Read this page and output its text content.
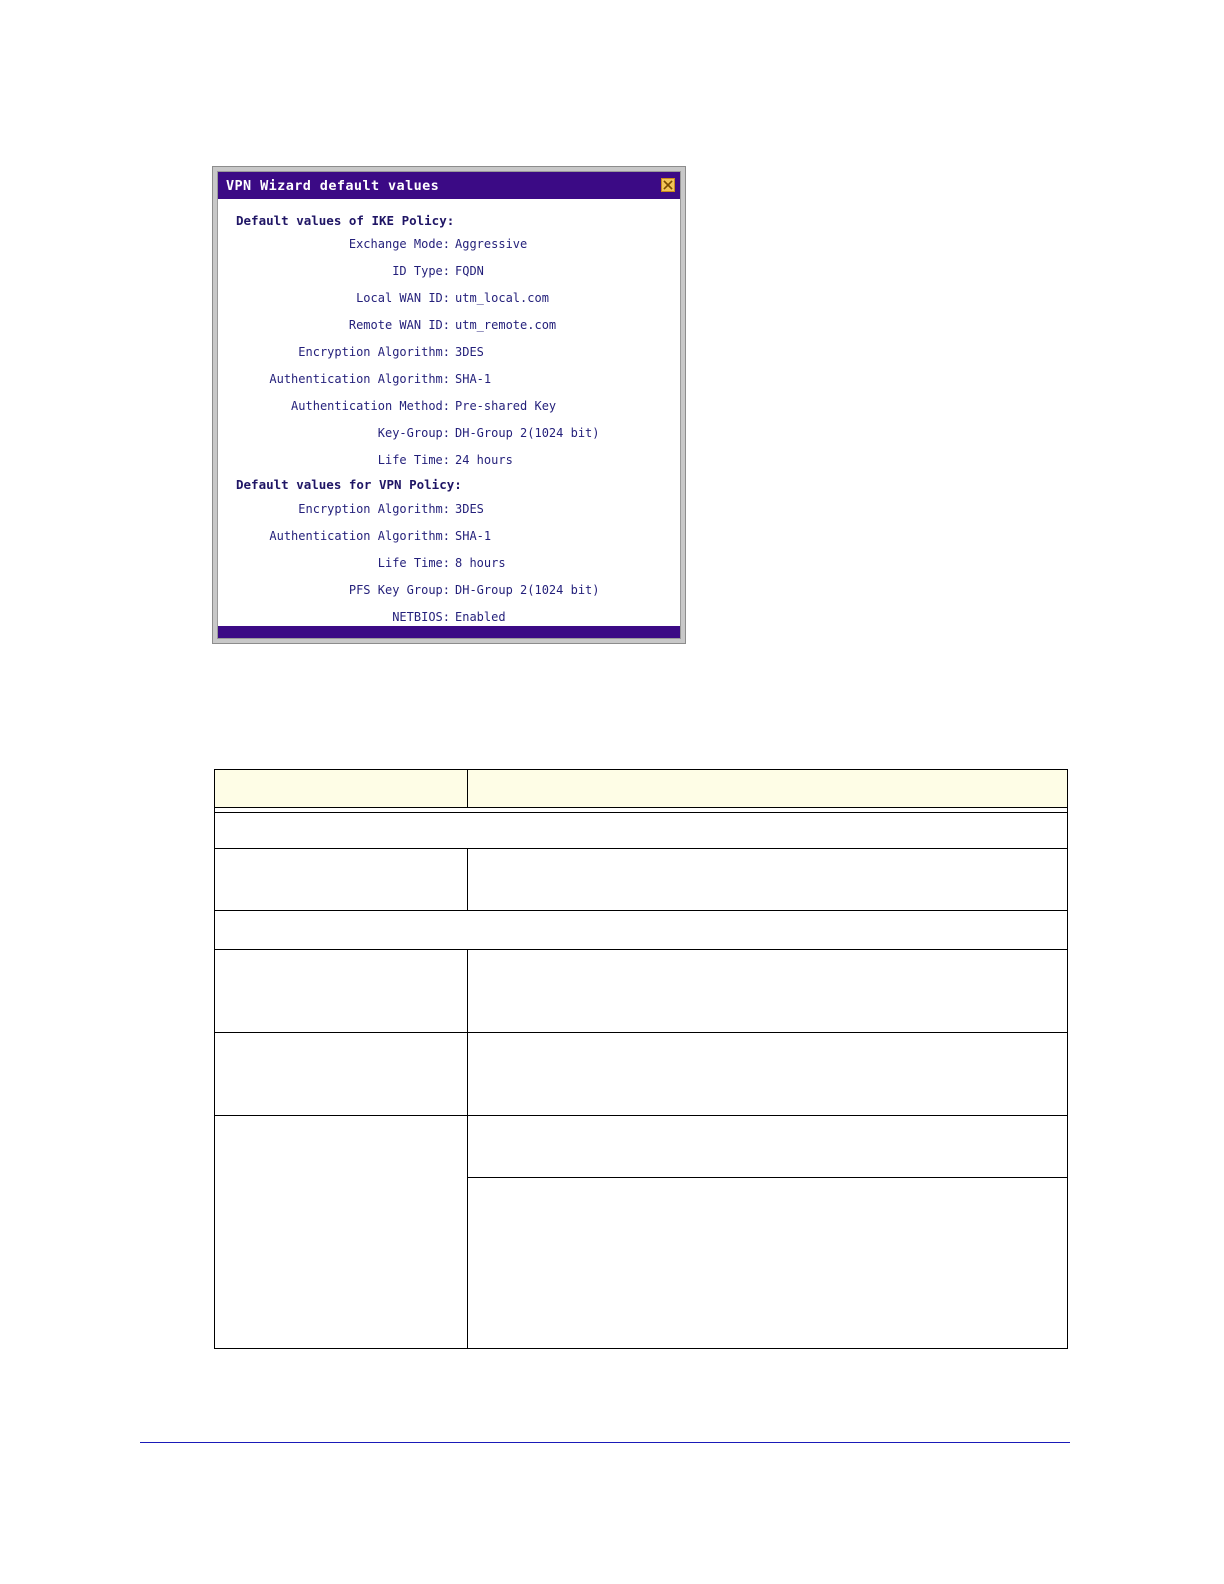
VPN Wizard default values
Default values of IKE Policy:
Exchange Mode: Aggressive
ID Type: FQDN
Local WAN ID: utm_local.com
Remote WAN ID: utm_remote.com
Encryption Algorithm: 3DES
Authentication Algorithm: SHA-1
Authentication Method: Pre-shared Key
Key-Group: DH-Group 2(1024 bit)
Life Time: 24 hours
Default values for VPN Policy:
Encryption Algorithm: 3DES
Authentication Algorithm: SHA-1
Life Time: 8 hours
PFS Key Group: DH-Group 2(1024 bit)
NETBIOS: Enabled
